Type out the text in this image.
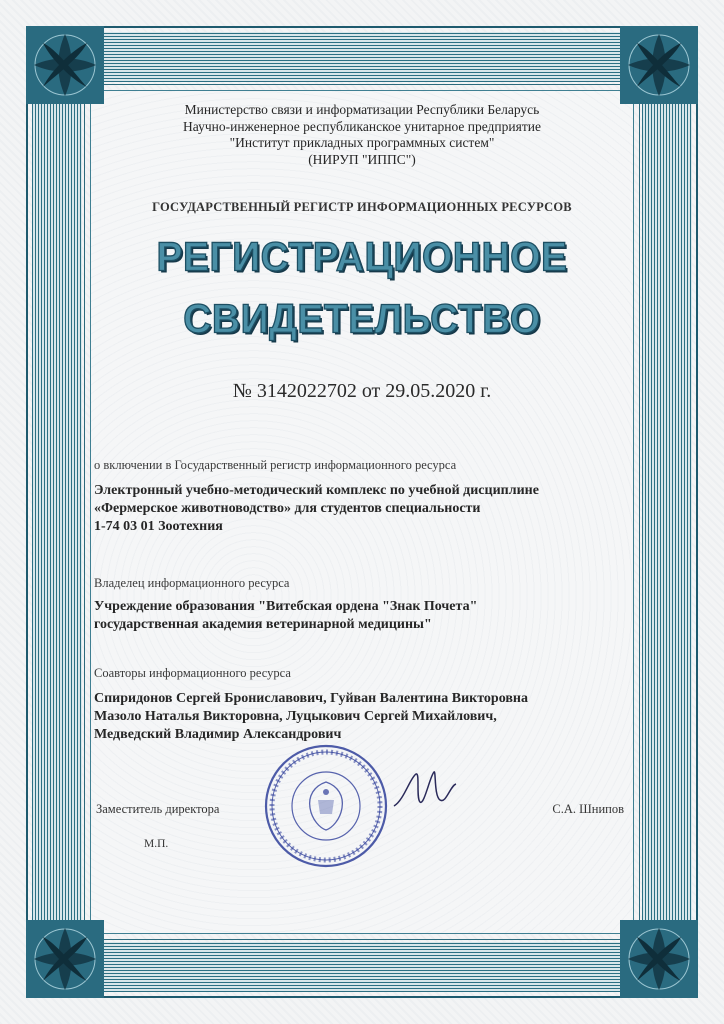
Министерство связи и информатизации Республики Беларусь
Научно-инженерное республиканское унитарное предприятие
"Институт прикладных программных систем"
(НИРУП "ИППС")
ГОСУДАРСТВЕННЫЙ РЕГИСТР ИНФОРМАЦИОННЫХ РЕСУРСОВ
РЕГИСТРАЦИОННОЕ
СВИДЕТЕЛЬСТВО
№ 3142022702 от 29.05.2020 г.
о включении в Государственный регистр информационного ресурса
Электронный учебно-методический комплекс по учебной дисциплине
«Фермерское животноводство» для студентов специальности
1-74 03 01 Зоотехния
Владелец информационного ресурса
Учреждение образования "Витебская ордена "Знак Почета"
государственная академия ветеринарной медицины"
Соавторы информационного ресурса
Спиридонов Сергей Брониславович, Гуйван Валентина Викторовна
Мазоло Наталья Викторовна, Луцыкович Сергей Михайлович,
Медведский Владимир Александрович
Заместитель директора
М.П.
С.А. Шнипов
